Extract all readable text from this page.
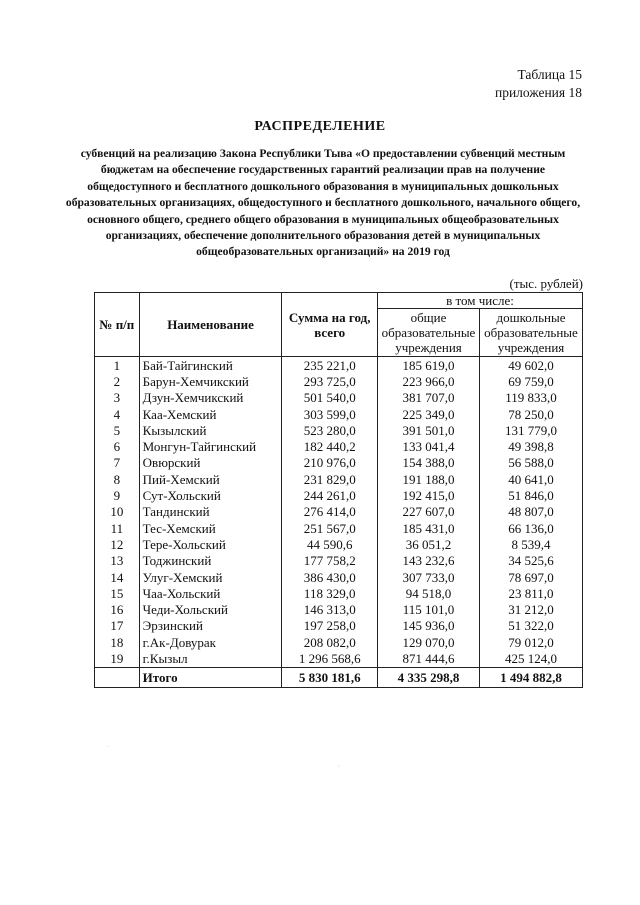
Таблица 15
приложения 18
РАСПРЕДЕЛЕНИЕ
субвенций на реализацию Закона Республики Тыва «О предоставлении субвенций местным бюджетам на обеспечение государственных гарантий реализации прав на получение общедоступного и бесплатного дошкольного образования в муниципальных дошкольных образовательных организациях, общедоступного и бесплатного дошкольного, начального общего, основного общего, среднего общего образования в муниципальных общеобразовательных организациях, обеспечение дополнительного образования детей в муниципальных общеобразовательных организаций» на 2019 год
(тыс. рублей)
№ п/п	Наименование	Сумма на год, всего	в том числе:	
			общие образовательные учреждения	дошкольные образовательные учреждения
1	Бай-Тайгинский	235 221,0	185 619,0	49 602,0
2	Барун-Хемчикский	293 725,0	223 966,0	69 759,0
3	Дзун-Хемчикский	501 540,0	381 707,0	119 833,0
4	Каа-Хемский	303 599,0	225 349,0	78 250,0
5	Кызылский	523 280,0	391 501,0	131 779,0
6	Монгун-Тайгинский	182 440,2	133 041,4	49 398,8
7	Овюрский	210 976,0	154 388,0	56 588,0
8	Пий-Хемский	231 829,0	191 188,0	40 641,0
9	Сут-Хольский	244 261,0	192 415,0	51 846,0
10	Тандинский	276 414,0	227 607,0	48 807,0
11	Тес-Хемский	251 567,0	185 431,0	66 136,0
12	Тере-Хольский	44 590,6	36 051,2	8 539,4
13	Тоджинский	177 758,2	143 232,6	34 525,6
14	Улуг-Хемский	386 430,0	307 733,0	78 697,0
15	Чаа-Хольский	118 329,0	94 518,0	23 811,0
16	Чеди-Хольский	146 313,0	115 101,0	31 212,0
17	Эрзинский	197 258,0	145 936,0	51 322,0
18	г.Ак-Довурак	208 082,0	129 070,0	79 012,0
19	г.Кызыл	1 296 568,6	871 444,6	425 124,0
	Итого	5 830 181,6	4 335 298,8	1 494 882,8
·
·
